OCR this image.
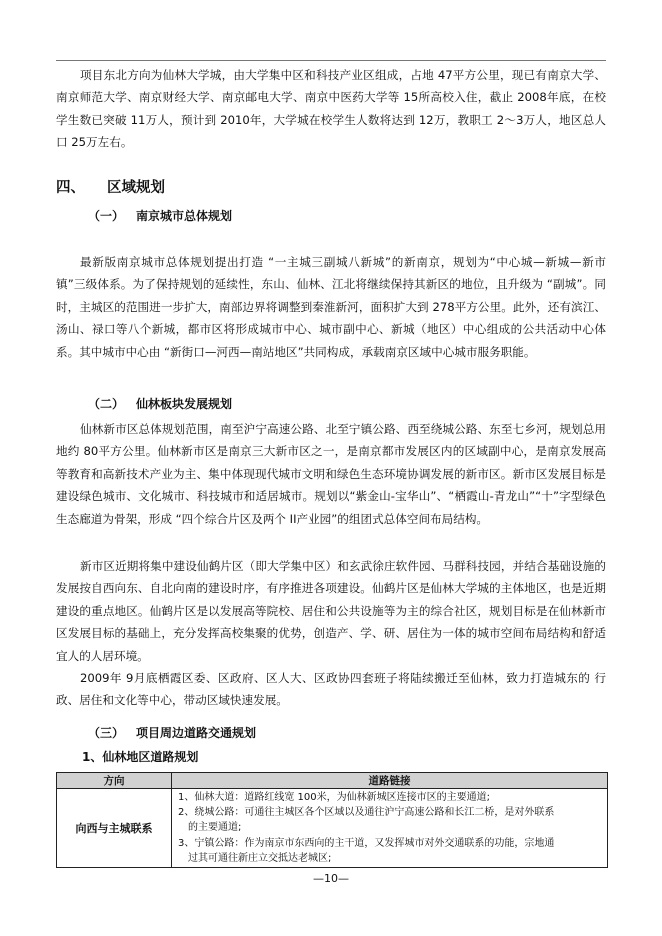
项目东北方向为仙林大学城，由大学集中区和科技产业区组成，占地 47平方公里，现已有南京大学、南京师范大学、南京财经大学、南京邮电大学、南京中医药大学等 15所高校入住，截止 2008年底，在校学生数已突破 11万人，预计到 2010年，大学城在校学生人数将达到 12万，教职工 2～3万人，地区总人口 25万左右。

四、 区域规划
（一） 南京城市总体规划

最新版南京城市总体规划提出打造 “一主城三副城八新城”的新南京，规划为“中心城—新城—新市镇”三级体系。为了保持规划的延续性，东山、仙林、江北将继续保持其新区的地位，且升级为 “副城”。同时，主城区的范围进一步扩大，南部边界将调整到秦淮新河，面积扩大到 278平方公里。此外，还有滨江、汤山、禄口等八个新城，都市区将形成城市中心、城市副中心、新城（地区）中心组成的公共活动中心体系。其中城市中心由 “新街口—河西—南站地区”共同构成，承载南京区域中心城市服务职能。

（二） 仙林板块发展规划

仙林新市区总体规划范围，南至沪宁高速公路、北至宁镇公路、西至绕城公路、东至七乡河，规划总用地约 80平方公里。仙林新市区是南京三大新市区之一，是南京都市发展区内的区域副中心，是南京发展高等教育和高新技术产业为主、集中体现现代城市文明和绿色生态环境协调发展的新市区。新市区发展目标是建设绿色城市、文化城市、科技城市和适居城市。规划以“紫金山-宝华山”、“栖霞山-青龙山”“十”字型绿色生态廊道为骨架，形成 “四个综合片区及两个 II产业园”的组团式总体空间布局结构。

新市区近期将集中建设仙鹤片区（即大学集中区）和玄武徐庄软件园、马群科技园，并结合基础设施的发展按自西向东、自北向南的建设时序，有序推进各项建设。仙鹤片区是仙林大学城的主体地区，也是近期建设的重点地区。仙鹤片区是以发展高等院校、居住和公共设施等为主的综合社区，规划目标是在仙林新市区发展目标的基础上，充分发挥高校集聚的优势，创造产、学、研、居住为一体的城市空间布局结构和舒适宜人的人居环境。

2009年 9月底栖霞区委、区政府、区人大、区政协四套班子将陆续搬迁至仙林，致力打造城东的 行政、居住和文化等中心，带动区域快速发展。

（三） 项目周边道路交通规划
1、仙林地区道路规划
方向	道路链接
向西与主城联系	1、仙林大道：道路红线宽 100米，为仙林新城区连接市区的主要通道;
2、绕城公路：可通往主城区各个区域以及通往沪宁高速公路和长江二桥，是对外联系
的主要通道;
3、宁镇公路：作为南京市东西向的主干道，又发挥城市对外交通联系的功能，宗地通
过其可通往新庄立交抵达老城区;
—10—
